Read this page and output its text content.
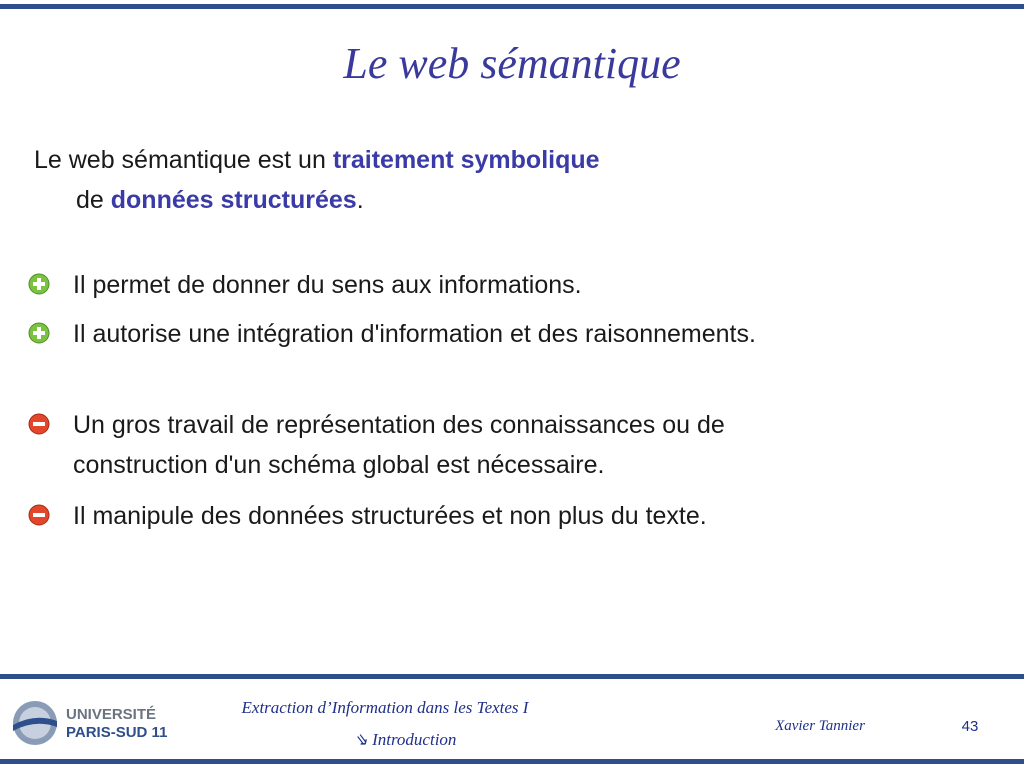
Le web sémantique
Le web sémantique est un traitement symbolique
de données structurées.
Il permet de donner du sens aux informations.
Il autorise une intégration d'information et des raisonnements.
Un gros travail de représentation des connaissances ou de
construction d'un schéma global est nécessaire.
Il manipule des données structurées et non plus du texte.
UNIVERSITÉ
PARIS-SUD 11
Extraction d’Information dans les Textes I
⇘ Introduction
Xavier Tannier	43
